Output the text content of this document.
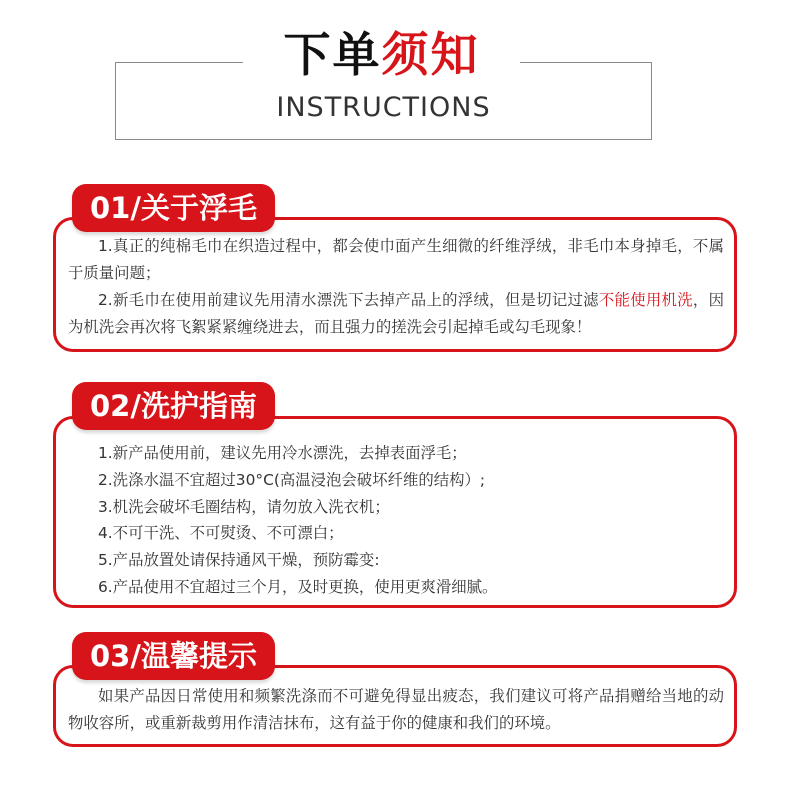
下单须知
INSTRUCTIONS
01/关于浮毛

1.真正的纯棉毛巾在织造过程中，都会使巾面产生细微的纤维浮绒，非毛巾本身掉毛，不属于质量问题；

2.新毛巾在使用前建议先用清水漂洗下去掉产品上的浮绒，但是切记过滤不能使用机洗，因为机洗会再次将飞絮紧紧缠绕进去，而且强力的搓洗会引起掉毛或勾毛现象！

02/洗护指南
1.新产品使用前，建议先用冷水漂洗，去掉表面浮毛；
2.洗涤水温不宜超过30°C(高温浸泡会破坏纤维的结构）;
3.机洗会破坏毛圈结构，请勿放入洗衣机；
4.不可干洗、不可熨烫、不可漂白；
5.产品放置处请保持通风干燥，预防霉变:
6.产品使用不宜超过三个月，及时更换，使用更爽滑细腻。
03/温馨提示

如果产品因日常使用和频繁洗涤而不可避免得显出疲态，我们建议可将产品捐赠给当地的动物收容所，或重新裁剪用作清洁抹布，这有益于你的健康和我们的环境。
